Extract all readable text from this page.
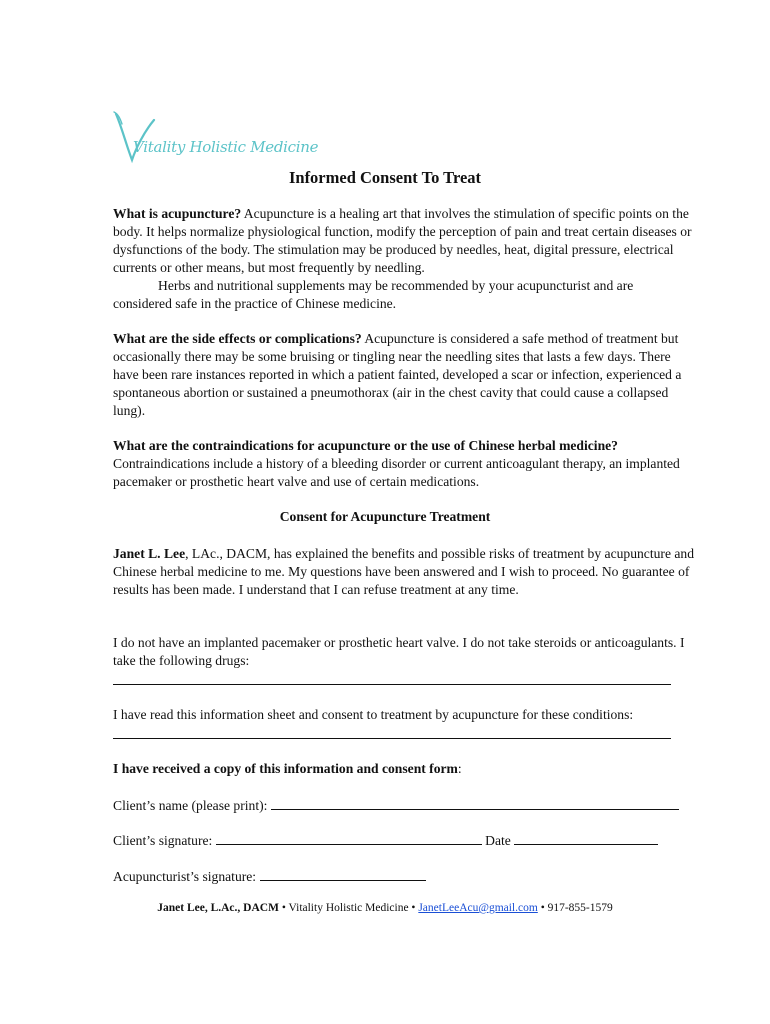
Vitality Holistic Medicine
Informed Consent To Treat

What is acupuncture? Acupuncture is a healing art that involves the stimulation of specific points on the body. It helps normalize physiological function, modify the perception of pain and treat certain diseases or dysfunctions of the body. The stimulation may be produced by needles, heat, digital pressure, electrical currents or other means, but most frequently by needling.

Herbs and nutritional supplements may be recommended by your acupuncturist and are considered safe in the practice of Chinese medicine.

What are the side effects or complications? Acupuncture is considered a safe method of treatment but occasionally there may be some bruising or tingling near the needling sites that lasts a few days. There have been rare instances reported in which a patient fainted, developed a scar or infection, experienced a spontaneous abortion or sustained a pneumothorax (air in the chest cavity that could cause a collapsed lung).

What are the contraindications for acupuncture or the use of Chinese herbal medicine?

Contraindications include a history of a bleeding disorder or current anticoagulant therapy, an implanted pacemaker or prosthetic heart valve and use of certain medications.

Consent for Acupuncture Treatment

Janet L. Lee, LAc., DACM, has explained the benefits and possible risks of treatment by acupuncture and Chinese herbal medicine to me. My questions have been answered and I wish to proceed. No guarantee of results has been made. I understand that I can refuse treatment at any time.

I do not have an implanted pacemaker or prosthetic heart valve. I do not take steroids or anticoagulants. I take the following drugs:
I have read this information sheet and consent to treatment by acupuncture for these conditions:

I have received a copy of this information and consent form:

Client’s name (please print):
Client’s signature:	Date
Acupuncturist’s signature:
Janet Lee, L.Ac., DACM • Vitality Holistic Medicine • JanetLeeAcu@gmail.com • 917-855-1579
